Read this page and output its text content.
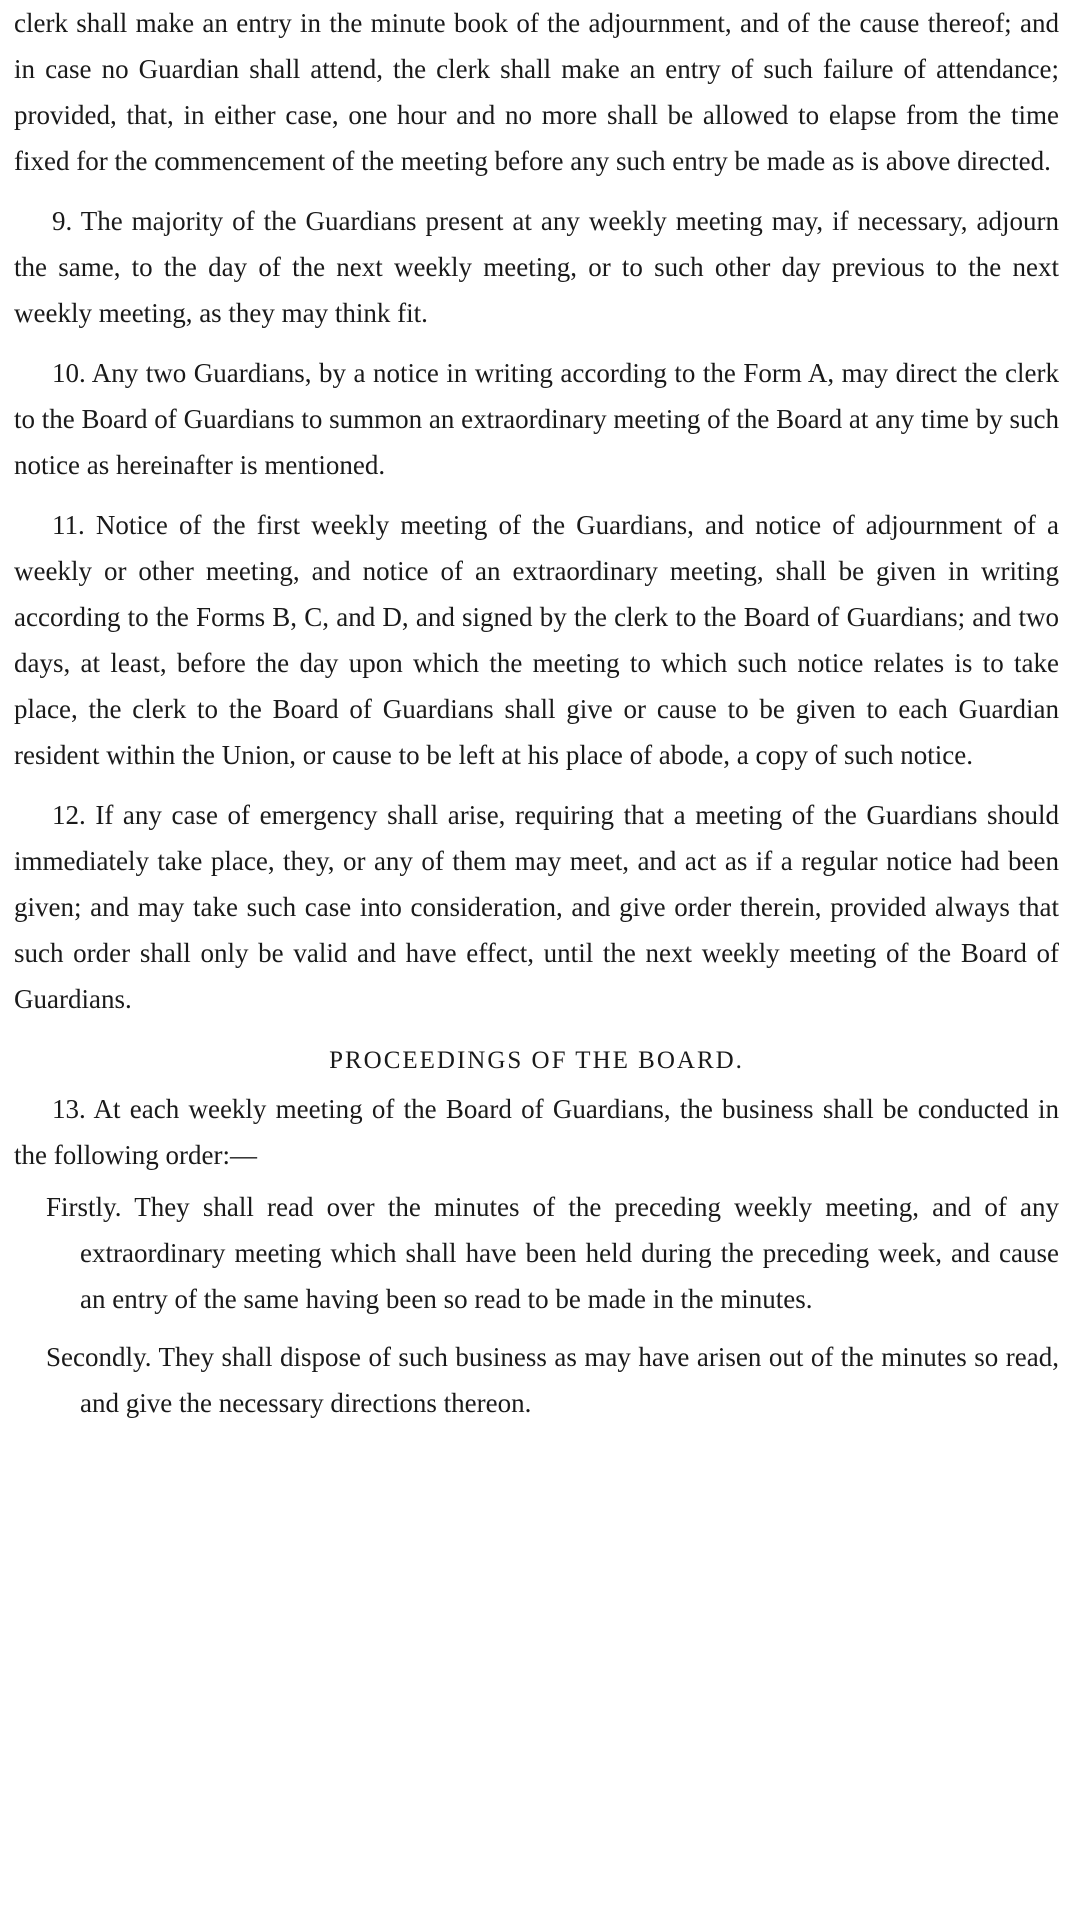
clerk shall make an entry in the minute book of the adjournment, and of the cause thereof; and in case no Guardian shall attend, the clerk shall make an entry of such failure of attendance; provided, that, in either case, one hour and no more shall be allowed to elapse from the time fixed for the commencement of the meeting before any such entry be made as is above directed.

9. The majority of the Guardians present at any weekly meeting may, if necessary, adjourn the same, to the day of the next weekly meeting, or to such other day previous to the next weekly meeting, as they may think fit.

10. Any two Guardians, by a notice in writing according to the Form A, may direct the clerk to the Board of Guardians to summon an extraordinary meeting of the Board at any time by such notice as hereinafter is mentioned.

11. Notice of the first weekly meeting of the Guardians, and notice of adjournment of a weekly or other meeting, and notice of an extraordinary meeting, shall be given in writing according to the Forms B, C, and D, and signed by the clerk to the Board of Guardians; and two days, at least, before the day upon which the meeting to which such notice relates is to take place, the clerk to the Board of Guardians shall give or cause to be given to each Guardian resident within the Union, or cause to be left at his place of abode, a copy of such notice.

12. If any case of emergency shall arise, requiring that a meeting of the Guardians should immediately take place, they, or any of them may meet, and act as if a regular notice had been given; and may take such case into consideration, and give order therein, provided always that such order shall only be valid and have effect, until the next weekly meeting of the Board of Guardians.

PROCEEDINGS OF THE BOARD.

13. At each weekly meeting of the Board of Guardians, the business shall be conducted in the following order:—

Firstly. They shall read over the minutes of the preceding weekly meeting, and of any extraordinary meeting which shall have been held during the preceding week, and cause an entry of the same having been so read to be made in the minutes.

Secondly. They shall dispose of such business as may have arisen out of the minutes so read, and give the necessary directions thereon.
